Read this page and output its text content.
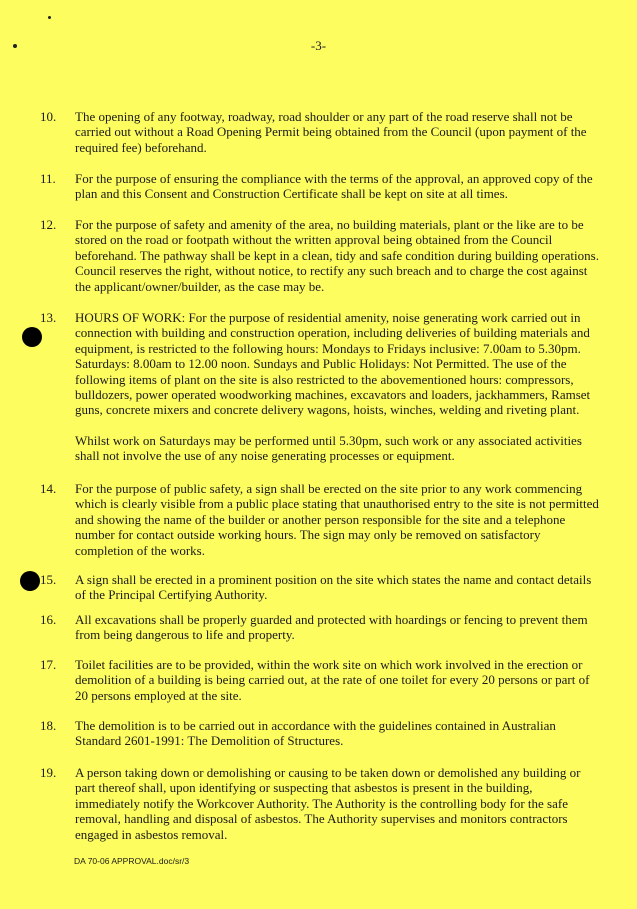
-3-
10.	The opening of any footway, roadway, road shoulder or any part of the road reserve shall not be carried out without a Road Opening Permit being obtained from the Council (upon payment of the required fee) beforehand.

11.	For the purpose of ensuring the compliance with the terms of the approval, an approved copy of the plan and this Consent and Construction Certificate shall be kept on site at all times.

12.	For the purpose of safety and amenity of the area, no building materials, plant or the like are to be stored on the road or footpath without the written approval being obtained from the Council beforehand. The pathway shall be kept in a clean, tidy and safe condition during building operations. Council reserves the right, without notice, to rectify any such breach and to charge the cost against the applicant/owner/builder, as the case may be.

13.	HOURS OF WORK: For the purpose of residential amenity, noise generating work carried out in connection with building and construction operation, including deliveries of building materials and equipment, is restricted to the following hours: Mondays to Fridays inclusive: 7.00am to 5.30pm. Saturdays: 8.00am to 12.00 noon. Sundays and Public Holidays: Not Permitted. The use of the following items of plant on the site is also restricted to the abovementioned hours: compressors, bulldozers, power operated woodworking machines, excavators and loaders, jackhammers, Ramset guns, concrete mixers and concrete delivery wagons, hoists, winches, welding and riveting plant.

Whilst work on Saturdays may be performed until 5.30pm, such work or any associated activities shall not involve the use of any noise generating processes or equipment.

14.	For the purpose of public safety, a sign shall be erected on the site prior to any work commencing which is clearly visible from a public place stating that unauthorised entry to the site is not permitted and showing the name of the builder or another person responsible for the site and a telephone number for contact outside working hours. The sign may only be removed on satisfactory completion of the works.

15.	A sign shall be erected in a prominent position on the site which states the name and contact details of the Principal Certifying Authority.

16.	All excavations shall be properly guarded and protected with hoardings or fencing to prevent them from being dangerous to life and property.

17.	Toilet facilities are to be provided, within the work site on which work involved in the erection or demolition of a building is being carried out, at the rate of one toilet for every 20 persons or part of 20 persons employed at the site.

18.	The demolition is to be carried out in accordance with the guidelines contained in Australian Standard 2601-1991: The Demolition of Structures.

19.	A person taking down or demolishing or causing to be taken down or demolished any building or part thereof shall, upon identifying or suspecting that asbestos is present in the building, immediately notify the Workcover Authority. The Authority is the controlling body for the safe removal, handling and disposal of asbestos. The Authority supervises and monitors contractors engaged in asbestos removal.

DA 70-06 APPROVAL.doc/sr/3
